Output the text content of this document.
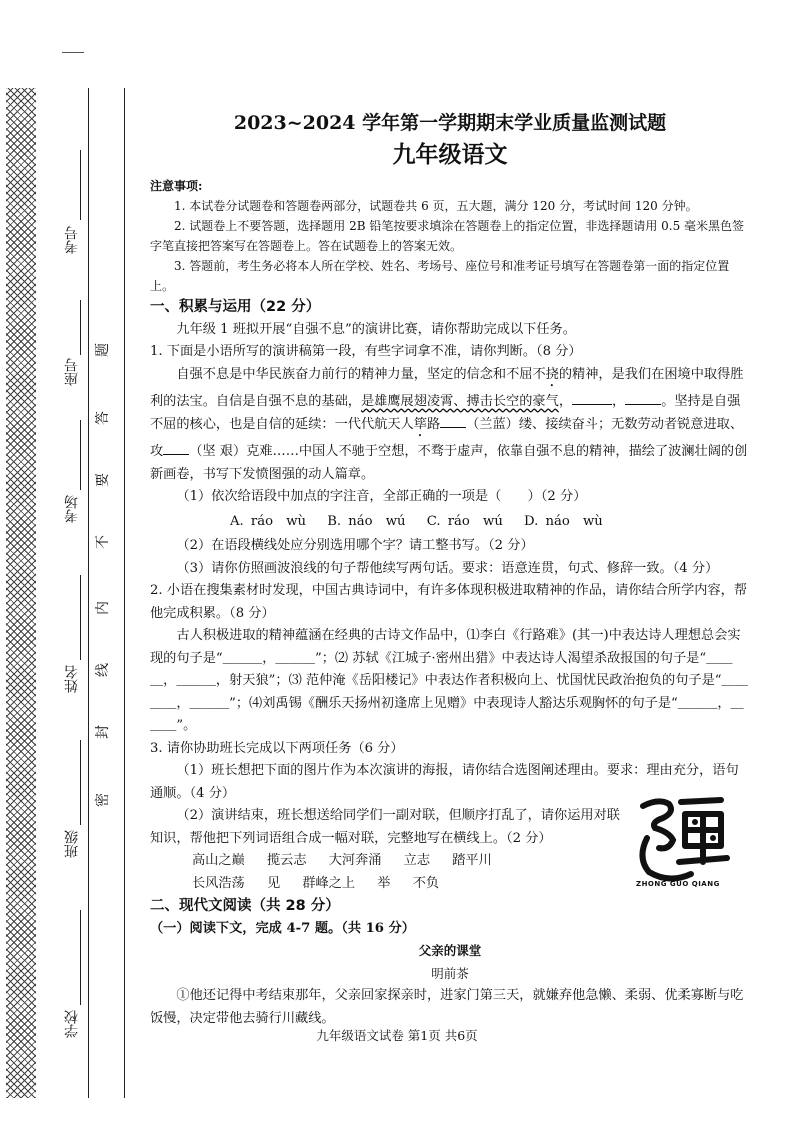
考号
座号
考场
姓名
班级
学校
题
答
要
不
内
线
封
密

2023~2024 学年第一学期期末学业质量监测试题

九年级语文

注意事项:

1. 本试卷分试题卷和答题卷两部分，试题卷共 6 页，五大题，满分 120 分，考试时间 120 分钟。

2. 试题卷上不要答题，选择题用 2B 铅笔按要求填涂在答题卷上的指定位置，非选择题请用 0.5 毫米黑色签字笔直接把答案写在答题卷上。答在试题卷上的答案无效。

3. 答题前，考生务必将本人所在学校、姓名、考场号、座位号和准考证号填写在答题卷第一面的指定位置上。

一、积累与运用（22 分）

九年级 1 班拟开展“自强不息”的演讲比赛，请你帮助完成以下任务。

1. 下面是小语所写的演讲稿第一段，有些字词拿不准，请你判断。（8 分）

自强不息是中华民族奋力前行的精神力量，坚定的信念和不屈不挠的精神，是我们在困境中取得胜利的法宝。自信是自强不息的基础，是雄鹰展翅凌霄、搏击长空的豪气，	，	。坚持是自强不屈的核心，也是自信的延续：一代代航天人筚路 （兰蓝）缕、接续奋斗；无数劳动者锐意进取、攻 （坚 艰）克难……中国人不驰于空想，不骛于虚声，依靠自强不息的精神，描绘了波澜壮阔的创新画卷，书写下发愤图强的动人篇章。

（1）依次给语段中加点的字注音，全部正确的一项是（　　）（2 分）

A. ráo　wù B. náo　wú C. ráo　wú D. náo　wù

（2）在语段横线处应分别选用哪个字？请工整书写。（2 分）

（3）请你仿照画波浪线的句子帮他续写两句话。要求：语意连贯，句式、修辞一致。（4 分）

2. 小语在搜集素材时发现，中国古典诗词中，有许多体现积极进取精神的作品，请你结合所学内容，帮他完成积累。（8 分）

古人积极进取的精神蕴涵在经典的古诗文作品中，⑴李白《行路难》(其一)中表达诗人理想总会实现的句子是“＿＿＿，＿＿＿”；⑵ 苏轼《江城子·密州出猎》中表达诗人渴望杀敌报国的句子是“＿＿＿，＿＿＿，射天狼”；⑶ 范仲淹《岳阳楼记》中表达作者积极向上、忧国忧民政治抱负的句子是“＿＿＿＿，＿＿＿”；⑷刘禹锡《酬乐天扬州初逢席上见赠》中表现诗人豁达乐观胸怀的句子是“＿＿＿，＿＿＿”。

3. 请你协助班长完成以下两项任务（6 分）

（1）班长想把下面的图片作为本次演讲的海报，请你结合选图阐述理由。要求：理由充分，语句通顺。（4 分）

（2）演讲结束，班长想送给同学们一副对联，但顺序打乱了，请你运用对联知识，帮他把下列词语组合成一幅对联，完整地写在横线上。（2 分）

高山之巅 揽云志 大河奔涌 立志 踏平川

长风浩荡 见 群峰之上 举 不负

二、现代文阅读（共 28 分）

（一）阅读下文，完成 4-7 题。（共 16 分）

父亲的课堂

明前茶

①他还记得中考结束那年，父亲回家探亲时，进家门第三天，就嫌弃他急懒、柔弱、优柔寡断与吃饭慢，决定带他去骑行川藏线。

ZHONG GUO QIANG
九年级语文试卷 第1页 共6页
